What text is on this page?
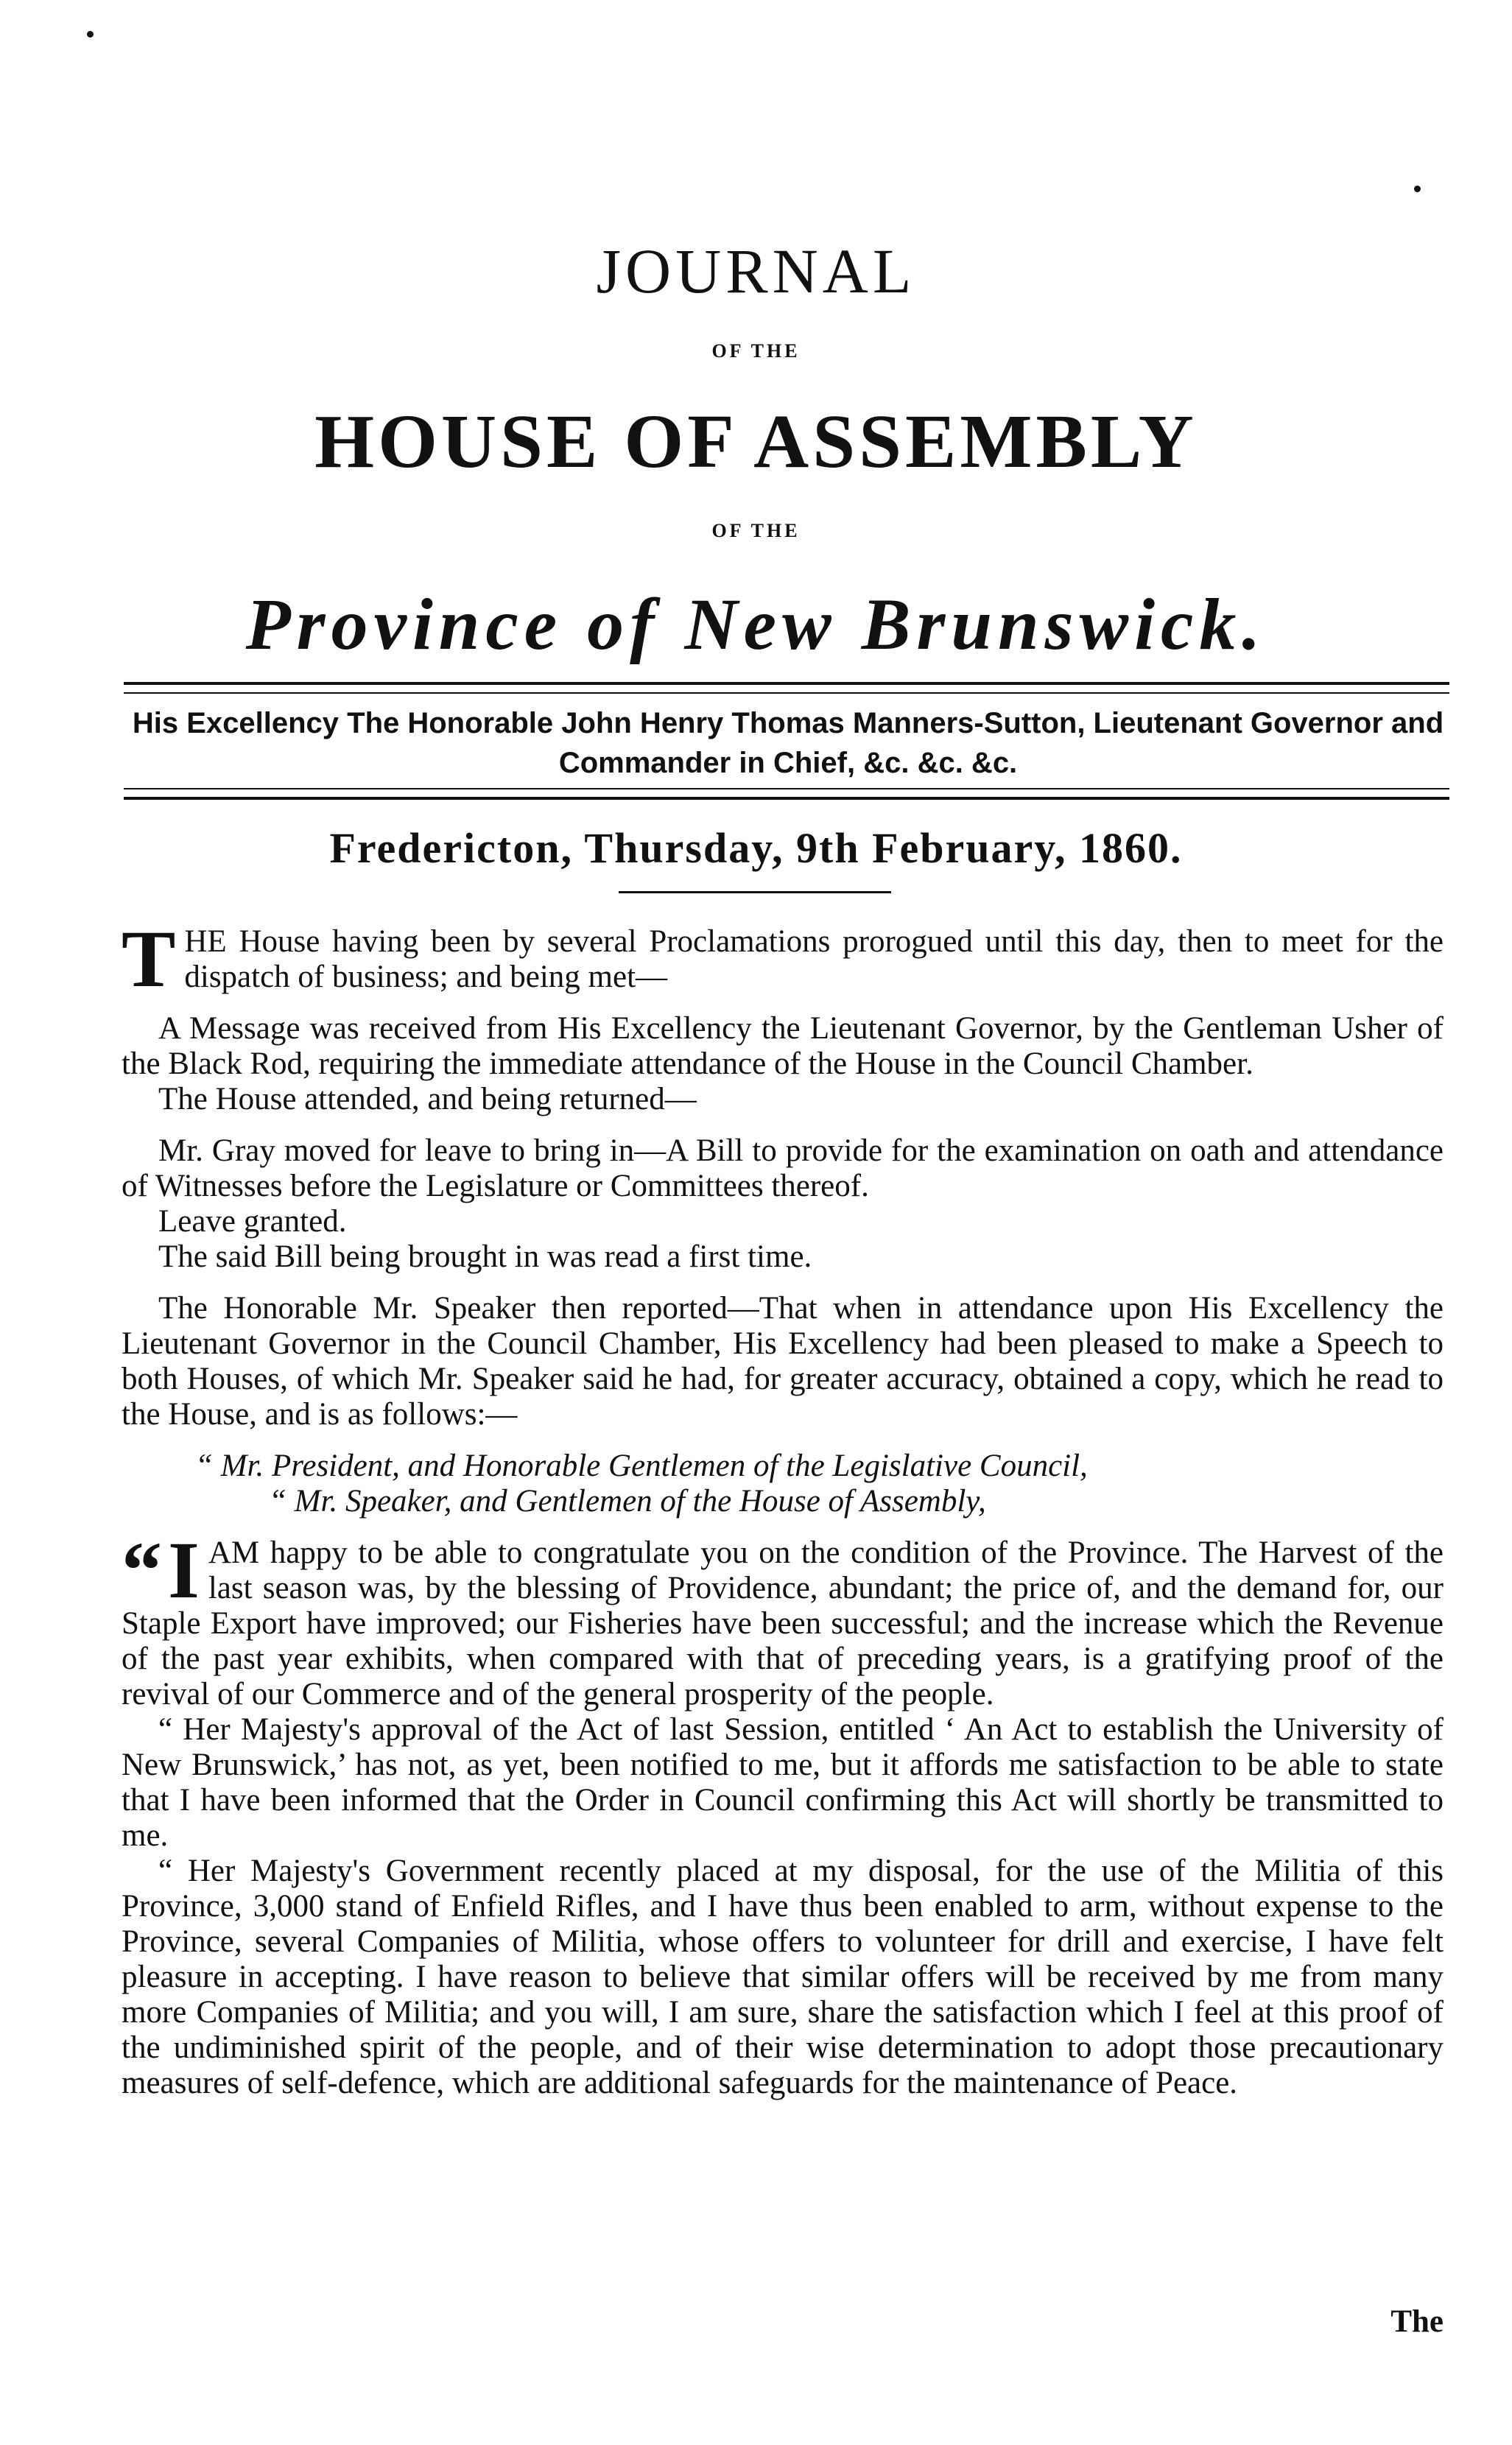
JOURNAL
OF THE
HOUSE OF ASSEMBLY
OF THE
Province of New Brunswick.
His Excellency The Honorable John Henry Thomas Manners-Sutton, Lieutenant Governor and Commander in Chief, &c. &c. &c.
Fredericton, Thursday, 9th February, 1860.

THE House having been by several Proclamations prorogued until this day, then to meet for the dispatch of business; and being met—

A Message was received from His Excellency the Lieutenant Governor, by the Gentleman Usher of the Black Rod, requiring the immediate attendance of the House in the Council Chamber.

The House attended, and being returned—

Mr. Gray moved for leave to bring in—A Bill to provide for the examination on oath and attendance of Witnesses before the Legislature or Committees thereof.

Leave granted.

The said Bill being brought in was read a first time.

The Honorable Mr. Speaker then reported—That when in attendance upon His Excellency the Lieutenant Governor in the Council Chamber, His Excellency had been pleased to make a Speech to both Houses, of which Mr. Speaker said he had, for greater accuracy, obtained a copy, which he read to the House, and is as follows:—

“ Mr. President, and Honorable Gentlemen of the Legislative Council,

“ Mr. Speaker, and Gentlemen of the House of Assembly,

“ I AM happy to be able to congratulate you on the condition of the Province. The Harvest of the last season was, by the blessing of Providence, abundant; the price of, and the demand for, our Staple Export have improved; our Fisheries have been successful; and the increase which the Revenue of the past year exhibits, when compared with that of preceding years, is a gratifying proof of the revival of our Commerce and of the general prosperity of the people.

“ Her Majesty's approval of the Act of last Session, entitled ‘ An Act to establish the University of New Brunswick,’ has not, as yet, been notified to me, but it affords me satisfaction to be able to state that I have been informed that the Order in Council confirming this Act will shortly be transmitted to me.

“ Her Majesty's Government recently placed at my disposal, for the use of the Militia of this Province, 3,000 stand of Enfield Rifles, and I have thus been enabled to arm, without expense to the Province, several Companies of Militia, whose offers to volunteer for drill and exercise, I have felt pleasure in accepting. I have reason to believe that similar offers will be received by me from many more Companies of Militia; and you will, I am sure, share the satisfaction which I feel at this proof of the undiminished spirit of the people, and of their wise determination to adopt those precautionary measures of self-defence, which are additional safeguards for the maintenance of Peace.

The
